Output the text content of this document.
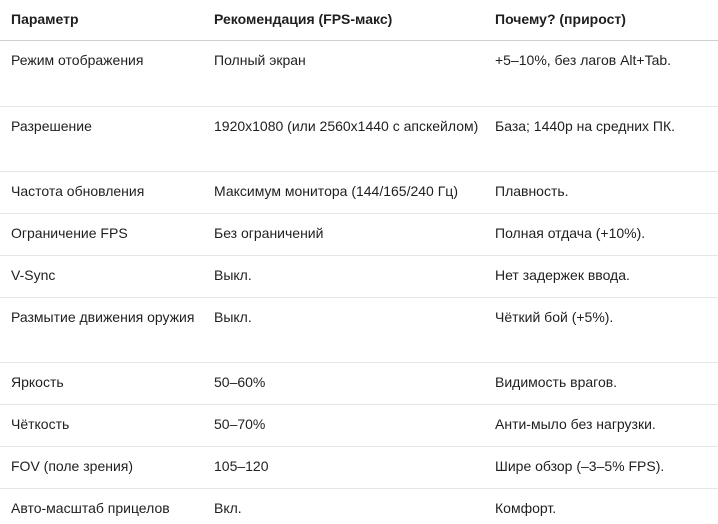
Параметр	Рекомендация (FPS-макс)	Почему? (прирост)
Режим отображения	Полный экран	+5–10%, без лагов Alt+Tab.
Разрешение	1920x1080 (или 2560x1440 с апскейлом)	База; 1440p на средних ПК.
Частота обновления	Максимум монитора (144/165/240 Гц)	Плавность.
Ограничение FPS	Без ограничений	Полная отдача (+10%).
V-Sync	Выкл.	Нет задержек ввода.
Размытие движения оружия	Выкл.	Чёткий бой (+5%).
Яркость	50–60%	Видимость врагов.
Чёткость	50–70%	Анти-мыло без нагрузки.
FOV (поле зрения)	105–120	Шире обзор (–3–5% FPS).
Авто-масштаб прицелов	Вкл.	Комфорт.
